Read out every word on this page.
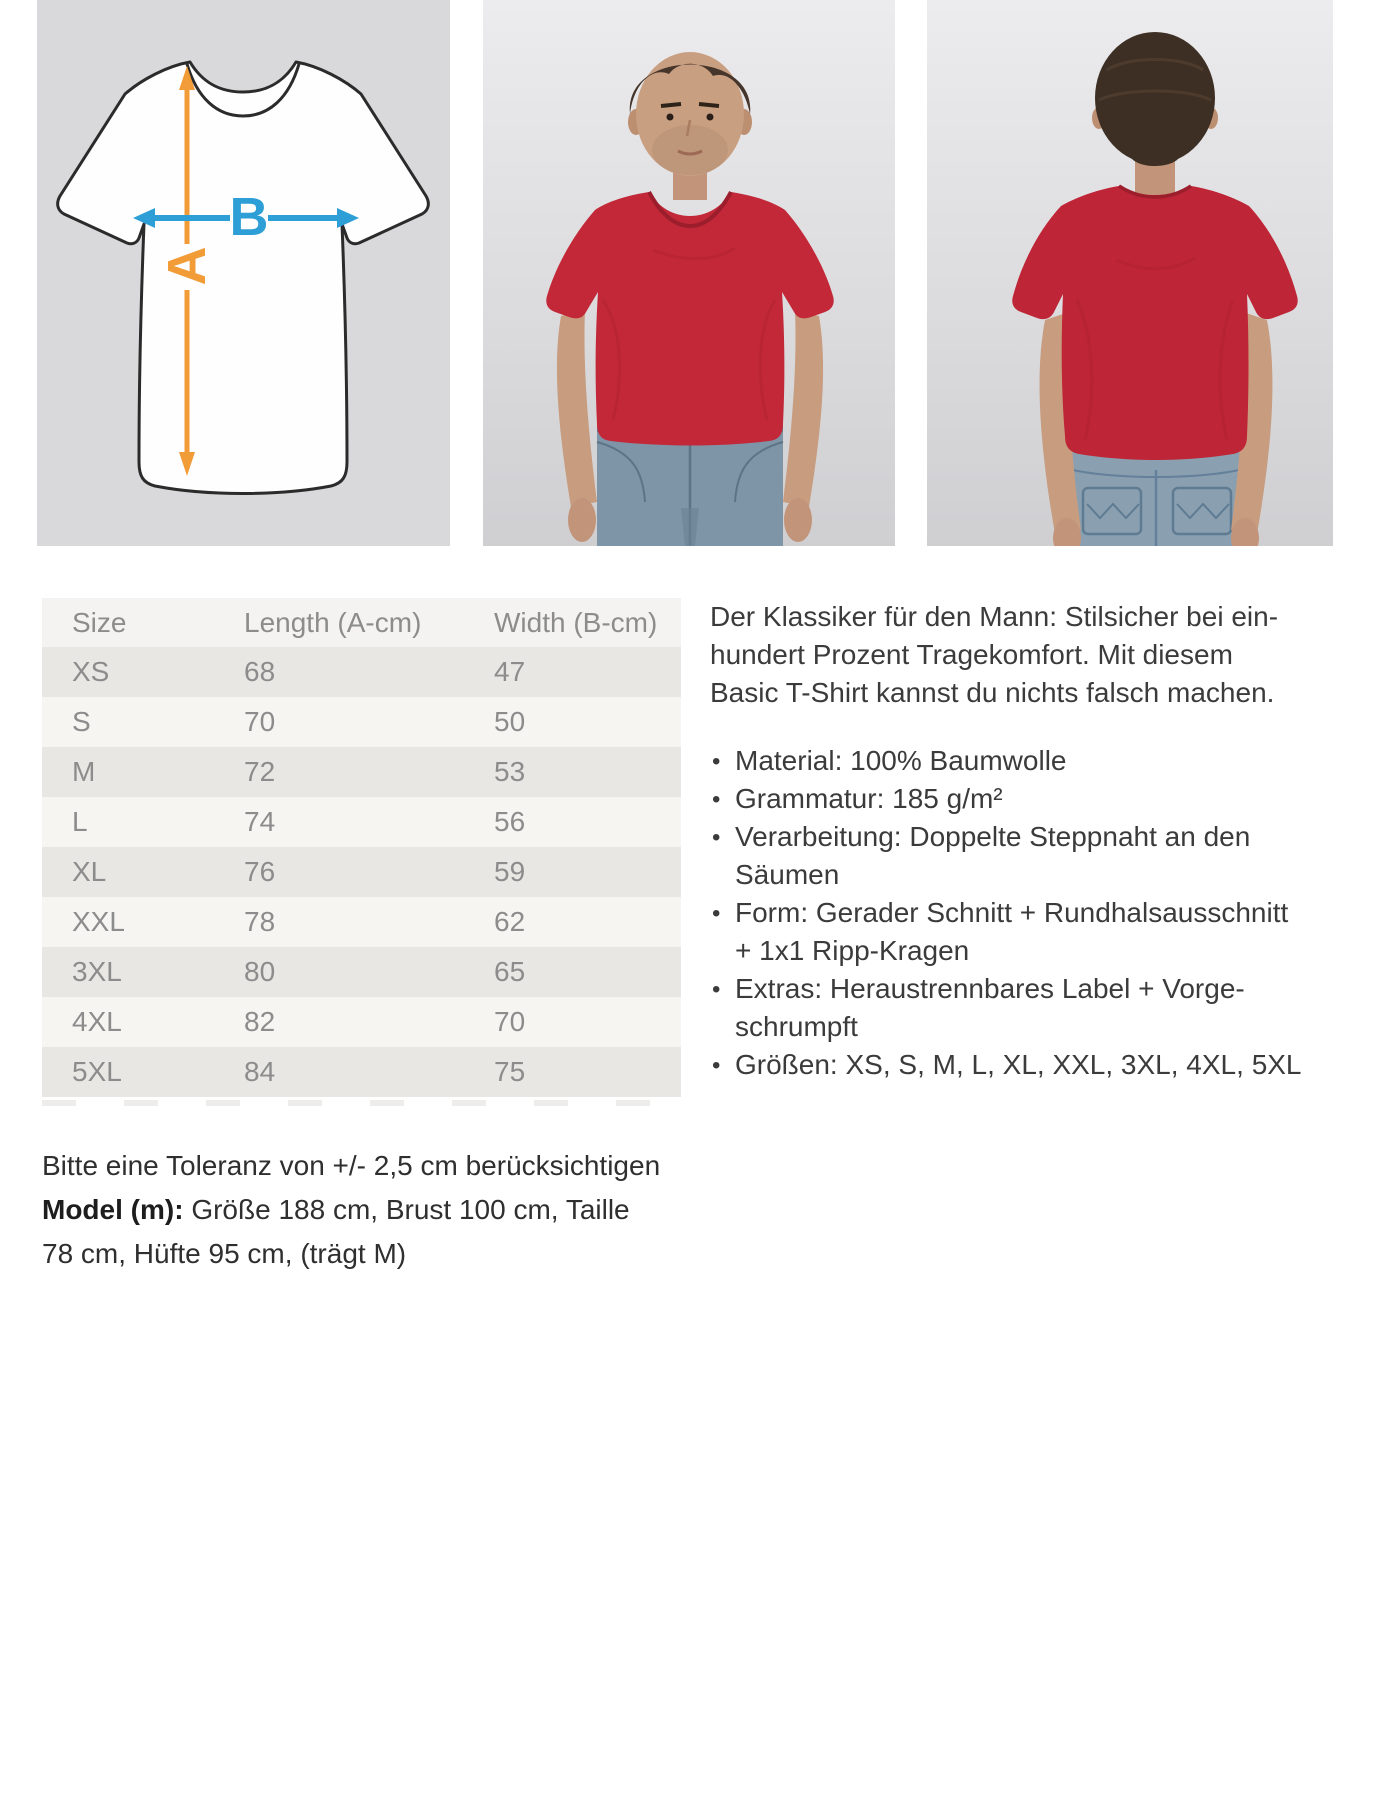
A
B
Size	Length (A-cm)	Width (B-cm)
XS	68	47
S	70	50
M	72	53
L	74	56
XL	76	59
XXL	78	62
3XL	80	65
4XL	82	70
5XL	84	75
Bitte eine Toleranz von +/- 2,5 cm berücksichtigen
Model (m): Größe 188 cm, Brust 100 cm, Taille
78 cm, Hüfte 95 cm, (trägt M)
Der Klassiker für den Mann: Stilsicher bei ein-
hundert Prozent Tragekomfort. Mit diesem
Basic T-Shirt kannst du nichts falsch machen.
• Material: 100% Baumwolle
• Grammatur: 185 g/m²
• Verarbeitung: Doppelte Steppnaht an den
Säumen
• Form: Gerader Schnitt + Rundhalsausschnitt
+ 1x1 Ripp-Kragen
• Extras: Heraustrennbares Label + Vorge-
schrumpft
• Größen: XS, S, M, L, XL, XXL, 3XL, 4XL, 5XL
